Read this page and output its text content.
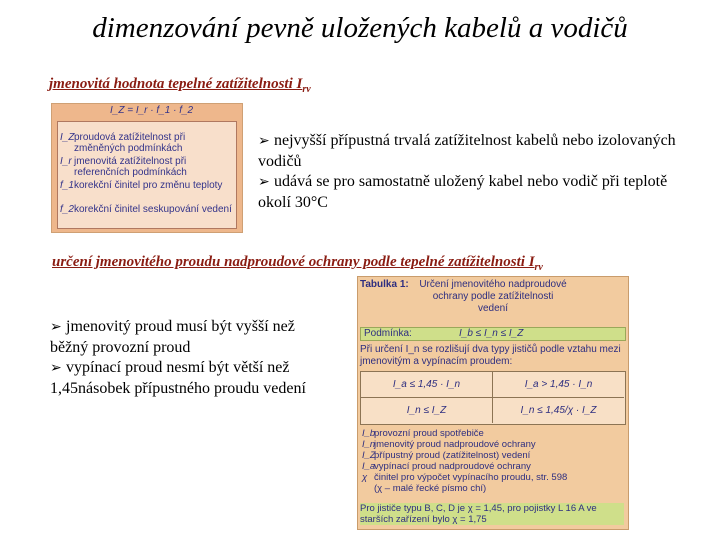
dimenzování pevně uložených kabelů a vodičů
jmenovitá hodnota tepelné zatížitelnosti $I_{rv}$
I_Z = I_r · f_1 · f_2
I_Z proudová zatížitelnost při změněných podmínkách
I_r jmenovitá zatížitelnost při referenčních podmínkách
f_1 korekční činitel pro změnu teploty
f_2 korekční činitel seskupování vedení
➢ nejvyšší přípustná trvalá zatížitelnost kabelů nebo izolovaných vodičů
➢ udává se pro samostatně uložený kabel nebo vodič při teplotě okolí 30°C
určení jmenovitého proudu nadproudové ochrany podle tepelné zatížitelnosti $I_{rv}$
➢ jmenovitý proud musí být vyšší než běžný provozní proud
➢ vypínací proud nesmí být větší než 1,45násobek přípustného proudu vedení
Tabulka 1: Určení jmenovitého nadproudové ochrany podle zatížitelnosti vedení
Podmínka:	I_b ≤ I_n ≤ I_Z
Při určení I_n se rozlišují dva typy jističů podle vztahu mezi jmenovitým a vypínacím proudem:
I_a ≤ 1,45 · I_n	I_a > 1,45 · I_n
I_n ≤ I_Z	I_n ≤ 1,45/χ · I_Z
I_b
provozní proud spotřebiče
I_n
jmenovitý proud nadproudové ochrany
I_Z
přípustný proud (zatížitelnost) vedení
I_a
vypínací proud nadproudové ochrany
χ činitel pro výpočet vypínacího proudu, str. 598
(χ – malé řecké písmo chí)
Pro jističe typu B, C, D je χ = 1,45, pro pojistky L 16 A ve starších zařízení bylo χ = 1,75
